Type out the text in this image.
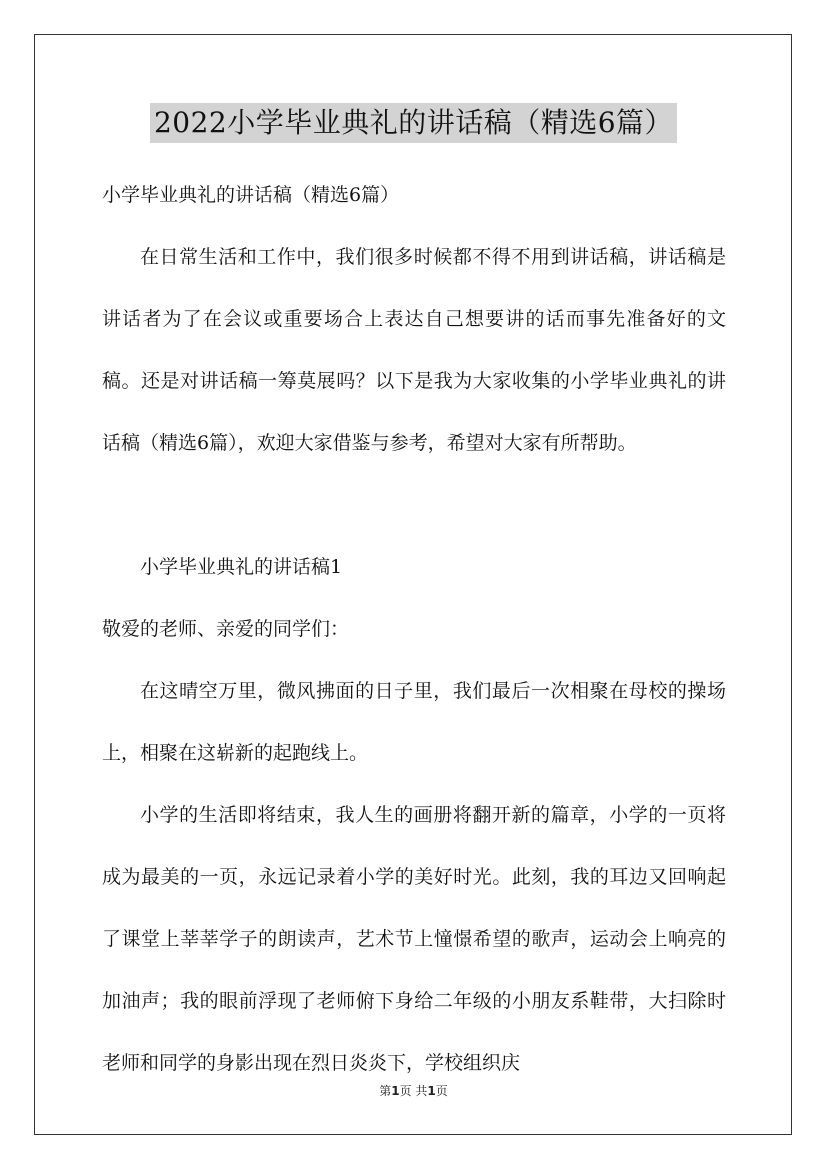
2022小学毕业典礼的讲话稿（精选6篇）

小学毕业典礼的讲话稿（精选6篇）

在日常生活和工作中，我们很多时候都不得不用到讲话稿，讲话稿是讲话者为了在会议或重要场合上表达自己想要讲的话而事先准备好的文稿。还是对讲话稿一筹莫展吗？以下是我为大家收集的小学毕业典礼的讲话稿（精选6篇），欢迎大家借鉴与参考，希望对大家有所帮助。

小学毕业典礼的讲话稿1

敬爱的老师、亲爱的同学们：

在这晴空万里，微风拂面的日子里，我们最后一次相聚在母校的操场上，相聚在这崭新的起跑线上。

小学的生活即将结束，我人生的画册将翻开新的篇章，小学的一页将成为最美的一页，永远记录着小学的美好时光。此刻，我的耳边又回响起了课堂上莘莘学子的朗读声，艺术节上憧憬希望的歌声，运动会上响亮的加油声；我的眼前浮现了老师俯下身给二年级的小朋友系鞋带，大扫除时老师和同学的身影出现在烈日炎炎下，学校组织庆

第1页 共1页
